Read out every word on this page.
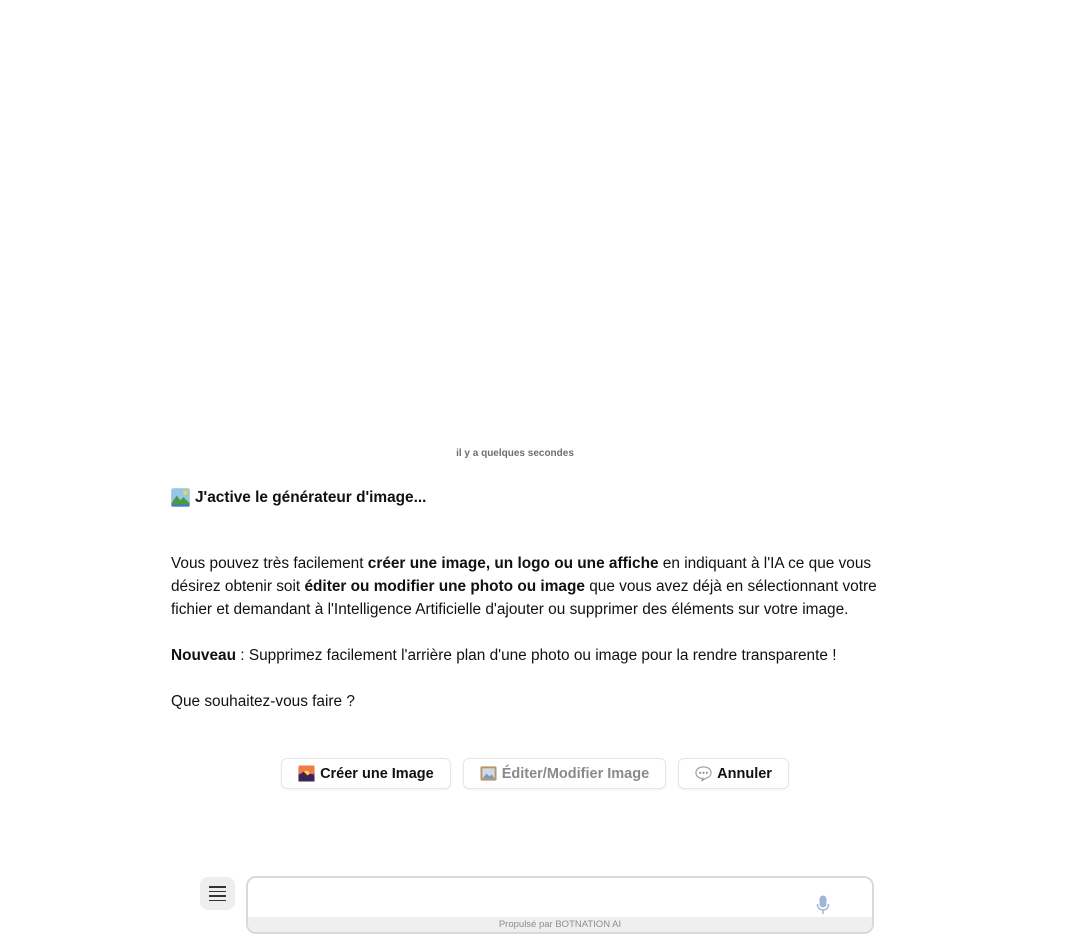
il y a quelques secondes

J'active le générateur d'image...

Vous pouvez très facilement créer une image, un logo ou une affiche en indiquant à l'IA ce que vous désirez obtenir soit éditer ou modifier une photo ou image que vous avez déjà en sélectionnant votre fichier et demandant à l'Intelligence Artificielle d'ajouter ou supprimer des éléments sur votre image.

Nouveau : Supprimez facilement l'arrière plan d'une photo ou image pour la rendre transparente !

Que souhaitez-vous faire ?

Créer une Image	Éditer/Modifier Image	Annuler
Propulsé par BOTNATION AI
